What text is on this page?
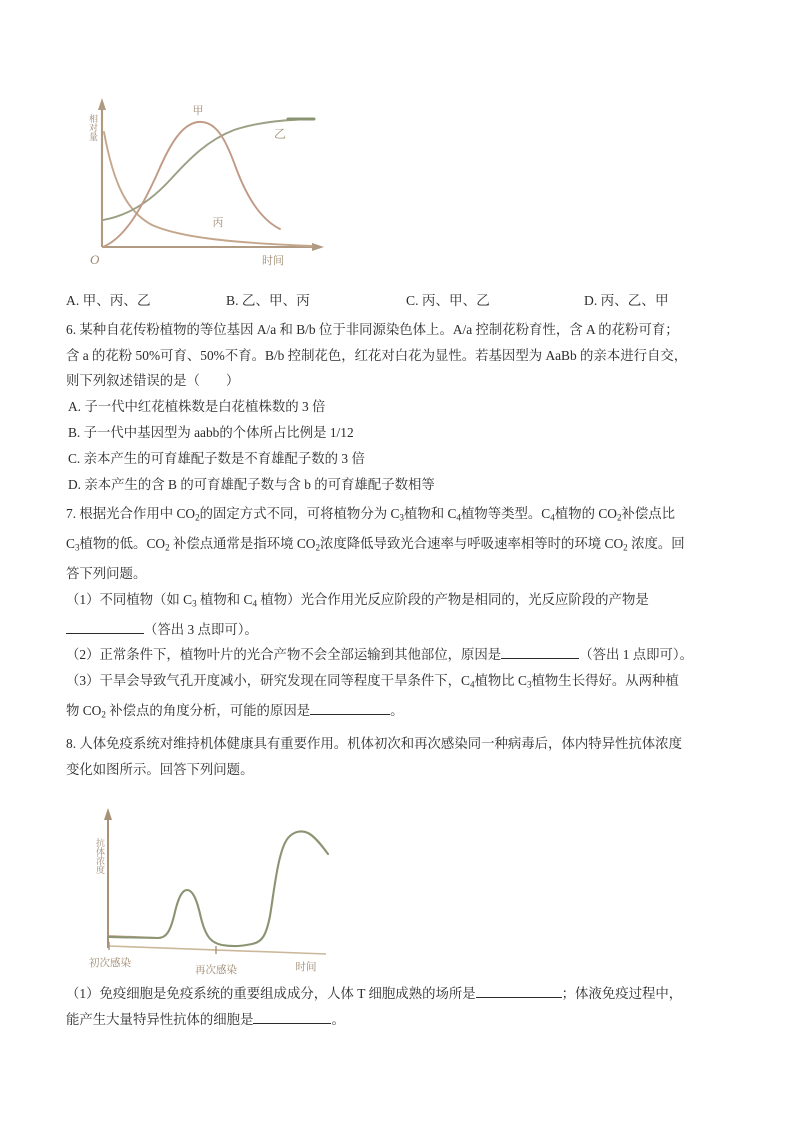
甲
乙
丙
相对量
时间
O
A. 甲、丙、乙	B. 乙、甲、丙	C. 丙、甲、乙	D. 丙、乙、甲
6. 某种自花传粉植物的等位基因 A/a 和 B/b 位于非同源染色体上。A/a 控制花粉育性，含 A 的花粉可育；
含 a 的花粉 50%可育、50%不育。B/b 控制花色，红花对白花为显性。若基因型为 AaBb 的亲本进行自交，
则下列叙述错误的是（ ）
A. 子一代中红花植株数是白花植株数的 3 倍
B. 子一代中基因型为 aabb的个体所占比例是 1/12
C. 亲本产生的可育雄配子数是不育雄配子数的 3 倍
D. 亲本产生的含 B 的可育雄配子数与含 b 的可育雄配子数相等
7. 根据光合作用中 $CO_2$的固定方式不同，可将植物分为 $C_3$植物和 $C_4$植物等类型。$C_4$植物的 $CO_2$补偿点比
$C_3$植物的低。$CO_2$ 补偿点通常是指环境 $CO_2$浓度降低导致光合速率与呼吸速率相等时的环境 $CO_2$ 浓度。回
答下列问题。
（1）不同植物（如 $C_3$ 植物和 $C_4$ 植物）光合作用光反应阶段的产物是相同的，光反应阶段的产物是
（答出 3 点即可）。
（2）正常条件下，植物叶片的光合产物不会全部运输到其他部位，原因是	（答出 1 点即可）。
（3）干旱会导致气孔开度减小，研究发现在同等程度干旱条件下，$C_4$植物比 $C_3$植物生长得好。从两种植
物 $CO_2$ 补偿点的角度分析，可能的原因是	。
8. 人体免疫系统对维持机体健康具有重要作用。机体初次和再次感染同一种病毒后，体内特异性抗体浓度
变化如图所示。回答下列问题。
抗体浓度
初次感染
再次感染	时间
（1）免疫细胞是免疫系统的重要组成成分，人体 T 细胞成熟的场所是	；体液免疫过程中，
能产生大量特异性抗体的细胞是	。
